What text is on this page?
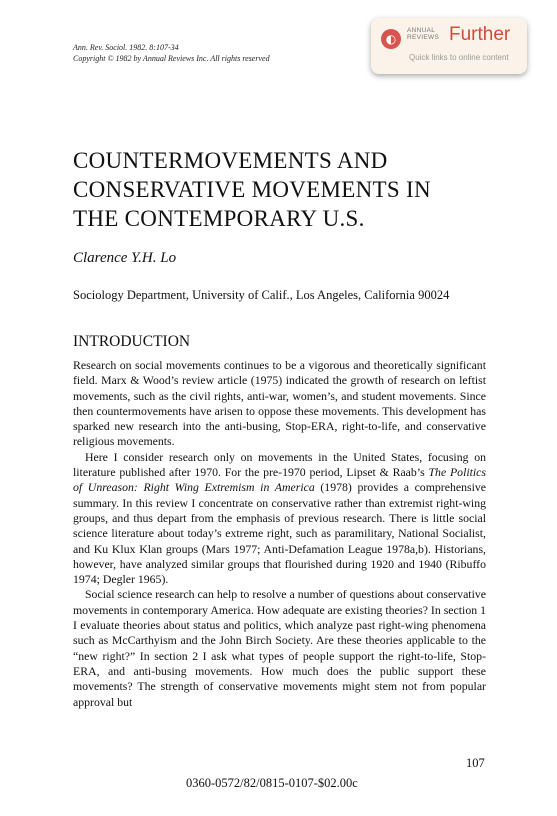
Ann. Rev. Sociol. 1982. 8:107-34
Copyright © 1982 by Annual Reviews Inc. All rights reserved
◐
ANNUAL
REVIEWS Further
Quick links to online content
COUNTERMOVEMENTS AND
CONSERVATIVE MOVEMENTS IN
THE CONTEMPORARY U.S.
Clarence Y.H. Lo
Sociology Department, University of Calif., Los Angeles, California 90024
INTRODUCTION

Research on social movements continues to be a vigorous and theoretically significant field. Marx & Wood’s review article (1975) indicated the growth of research on leftist movements, such as the civil rights, anti-war, women’s, and student movements. Since then countermovements have arisen to oppose these movements. This development has sparked new research into the anti-busing, Stop-ERA, right-to-life, and conservative religious movements.

Here I consider research only on movements in the United States, focusing on literature published after 1970. For the pre-1970 period, Lipset & Raab’s The Politics of Unreason: Right Wing Extremism in America (1978) provides a comprehensive summary. In this review I concentrate on conservative rather than extremist right-wing groups, and thus depart from the emphasis of previous research. There is little social science literature about today’s extreme right, such as paramilitary, National Socialist, and Ku Klux Klan groups (Mars 1977; Anti-Defamation League 1978a,b). Historians, however, have analyzed similar groups that flourished during 1920 and 1940 (Ribuffo 1974; Degler 1965).

Social science research can help to resolve a number of questions about conservative movements in contemporary America. How adequate are existing theories? In section 1 I evaluate theories about status and politics, which analyze past right-wing phenomena such as McCarthyism and the John Birch Society. Are these theories applicable to the “new right?” In section 2 I ask what types of people support the right-to-life, Stop-ERA, and anti-busing movements. How much does the public support these movements? The strength of conservative movements might stem not from popular approval but

107
0360-0572/82/0815-0107-$02.00c
